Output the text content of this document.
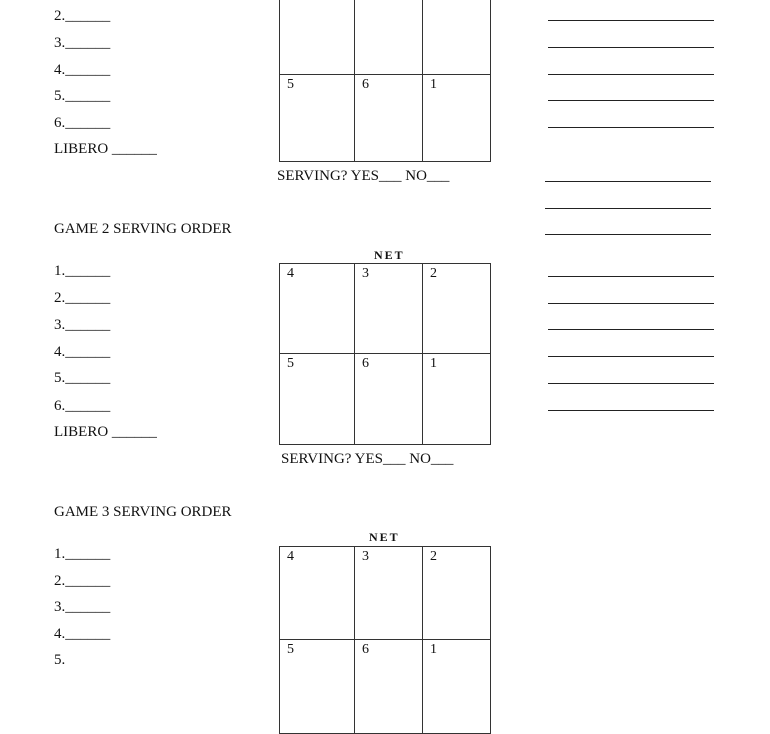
2.______
3.______
4.______
5.______
6.______
LIBERO ______
5	6	1
SERVING? YES___ NO___
GAME 2 SERVING ORDER
NET
1.______
2.______
3.______
4.______
5.______
6.______
LIBERO ______
4	3	2
5	6	1
SERVING? YES___ NO___
GAME 3 SERVING ORDER
NET
1.______
2.______
3.______
4.______
5.
4	3	2
5	6	1
